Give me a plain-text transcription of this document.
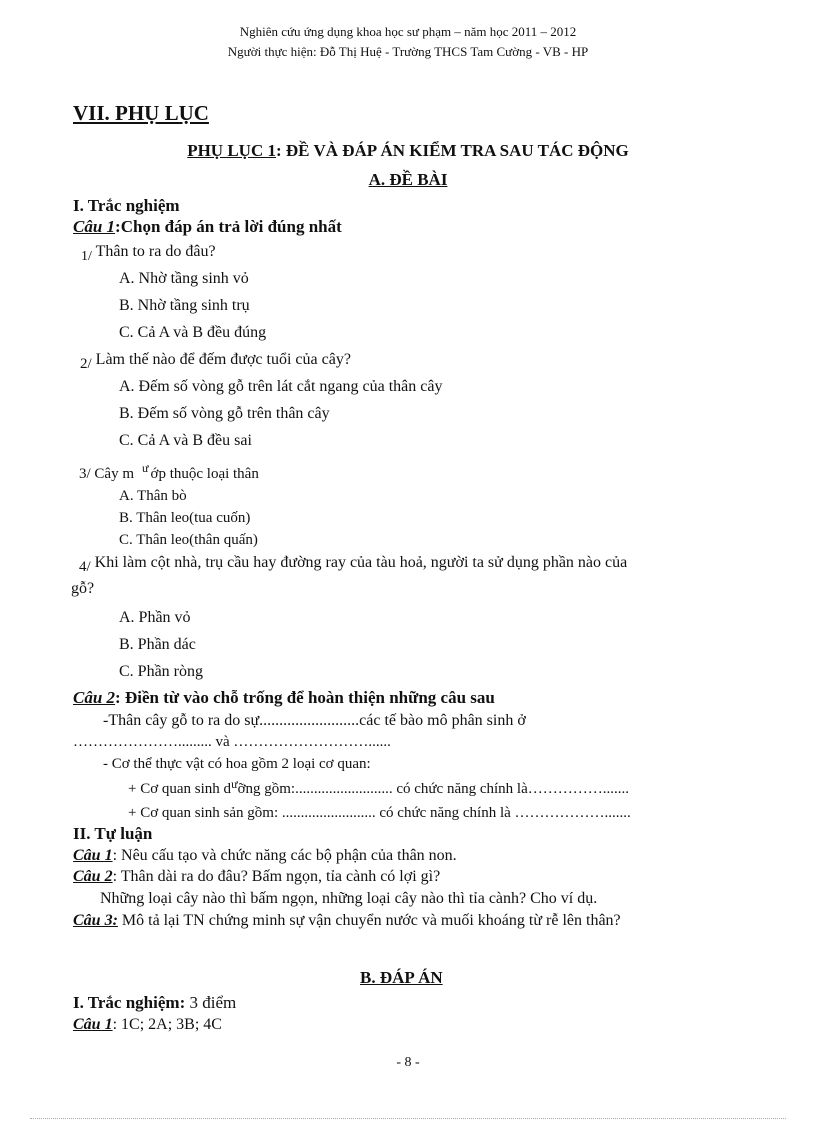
Nghiên cứu ứng dụng khoa học sư phạm – năm học 2011 – 2012
Người thực hiện: Đỗ Thị Huệ - Trường THCS Tam Cường - VB - HP
VII. PHỤ LỤC
PHỤ LỤC 1: ĐỀ VÀ ĐÁP ÁN KIỂM TRA SAU TÁC ĐỘNG
A. ĐỀ BÀI
I. Trắc nghiệm
Câu 1:Chọn đáp án trả lời đúng nhất
1/ Thân to ra do đâu?
A. Nhờ tầng sinh vỏ
B. Nhờ tầng sinh trụ
C. Cả A và B đều đúng
2/ Làm thế nào để đếm được tuổi của cây?
A. Đếm số vòng gỗ trên lát cắt ngang của thân cây
B. Đếm số vòng gỗ trên thân cây
C. Cả A và B đều sai
3/ Cây m $^ư$ ớp thuộc loại thân
A. Thân bò
B. Thân leo(tua cuốn)
C. Thân leo(thân quấn)
4/ Khi làm cột nhà, trụ cầu hay đường ray của tàu hoả, người ta sử dụng phần nào của
gỗ?
A. Phần vỏ
B. Phần dác
C. Phần ròng
Câu 2: Điền từ vào chỗ trống để hoàn thiện những câu sau
-Thân cây gỗ to ra do sự.........................các tế bào mô phân sinh ở
…………………......... và ………………………......
- Cơ thể thực vật có hoa gồm 2 loại cơ quan:
+ Cơ quan $\sinh d^ưỡng$ gồm:.......................... có chức năng chính là…………….......
+ Cơ quan sinh sản gồm: ......................... có chức năng chính là ……………….......
II. Tự luận
Câu 1: Nêu cấu tạo và chức năng các bộ phận của thân non.
Câu 2: Thân dài ra do đâu? Bấm ngọn, tỉa cành có lợi gì?
Những loại cây nào thì bấm ngọn, những loại cây nào thì tỉa cành? Cho ví dụ.
Câu 3: Mô tả lại TN chứng minh sự vận chuyển nước và muối khoáng từ rễ lên thân?
B. ĐÁP ÁN
I. Trắc nghiệm: 3 điểm
Câu 1: 1C; 2A; 3B; 4C
- 8 -
